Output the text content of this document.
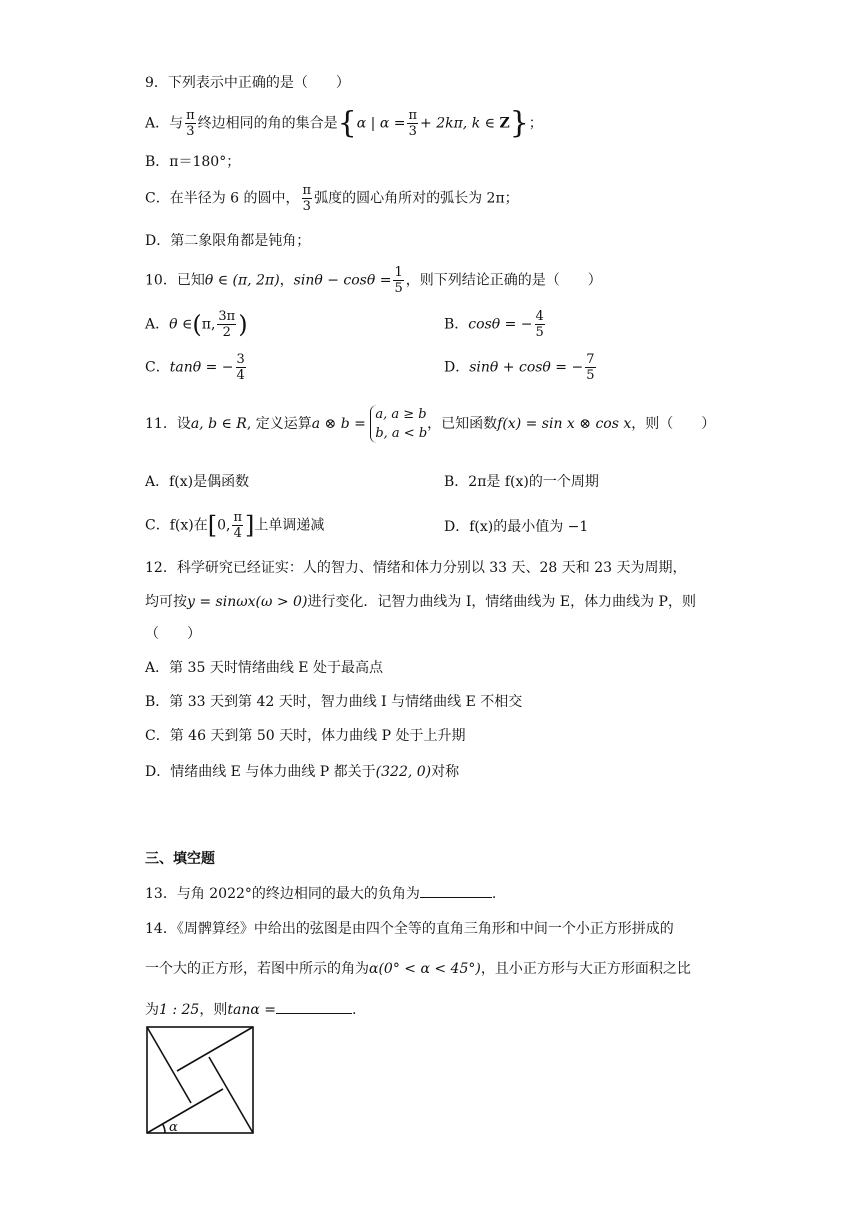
9．下列表示中正确的是（　　）
A．与 $\frac{\pi}{3}$ 终边相同的角的集合是{α | $\alpha = \frac{\pi}{3} + 2k\pi$, k ∈ Z}；
B．π＝180°；
C．在半径为 6 的圆中， $\frac{\pi}{3}$ 弧度的圆心角所对的弧长为 2π；
D．第二象限角都是钝角；
10．已知θ ∈ (π, 2π)，$\sin\theta - \cos\theta = \frac{1}{5}$ ，则下列结论正确的是（　　）
A．θ ∈(π, $\frac{3\pi}{2}$ )	B．cosθ = − $\frac{4}{5}$
C．tanθ = − $\frac{3}{4}$	D．sinθ + cosθ = − $\frac{7}{5}$
11．设a, b ∈ R, 定义运算a ⊗ b =
a, a ≥ b
b, a < b
，已知函数f(x) = sin x ⊗ cos x，则（　　）
A．f(x)是偶函数	B．2π是 f(x)的一个周期
C．f(x)在[0, $\frac{\pi}{4}$ ]上单调递减	D．f(x)的最小值为 −1
12．科学研究已经证实：人的智力、情绪和体力分别以 33 天、28 天和 23 天为周期，
均可按y = sinωx(ω > 0)进行变化．记智力曲线为 I，情绪曲线为 E，体力曲线为 P，则
（　　）
A．第 35 天时情绪曲线 E 处于最高点
B．第 33 天到第 42 天时，智力曲线 I 与情绪曲线 E 不相交
C．第 46 天到第 50 天时，体力曲线 P 处于上升期
D．情绪曲线 E 与体力曲线 P 都关于(322, 0)对称
三、填空题
13．与角 2022°的终边相同的最大的负角为	.
14．《周髀算经》中给出的弦图是由四个全等的直角三角形和中间一个小正方形拼成的
一个大的正方形，若图中所示的角为α(0° < α < 45°)，且小正方形与大正方形面积之比
为1 : 25，则tanα =	.
α
